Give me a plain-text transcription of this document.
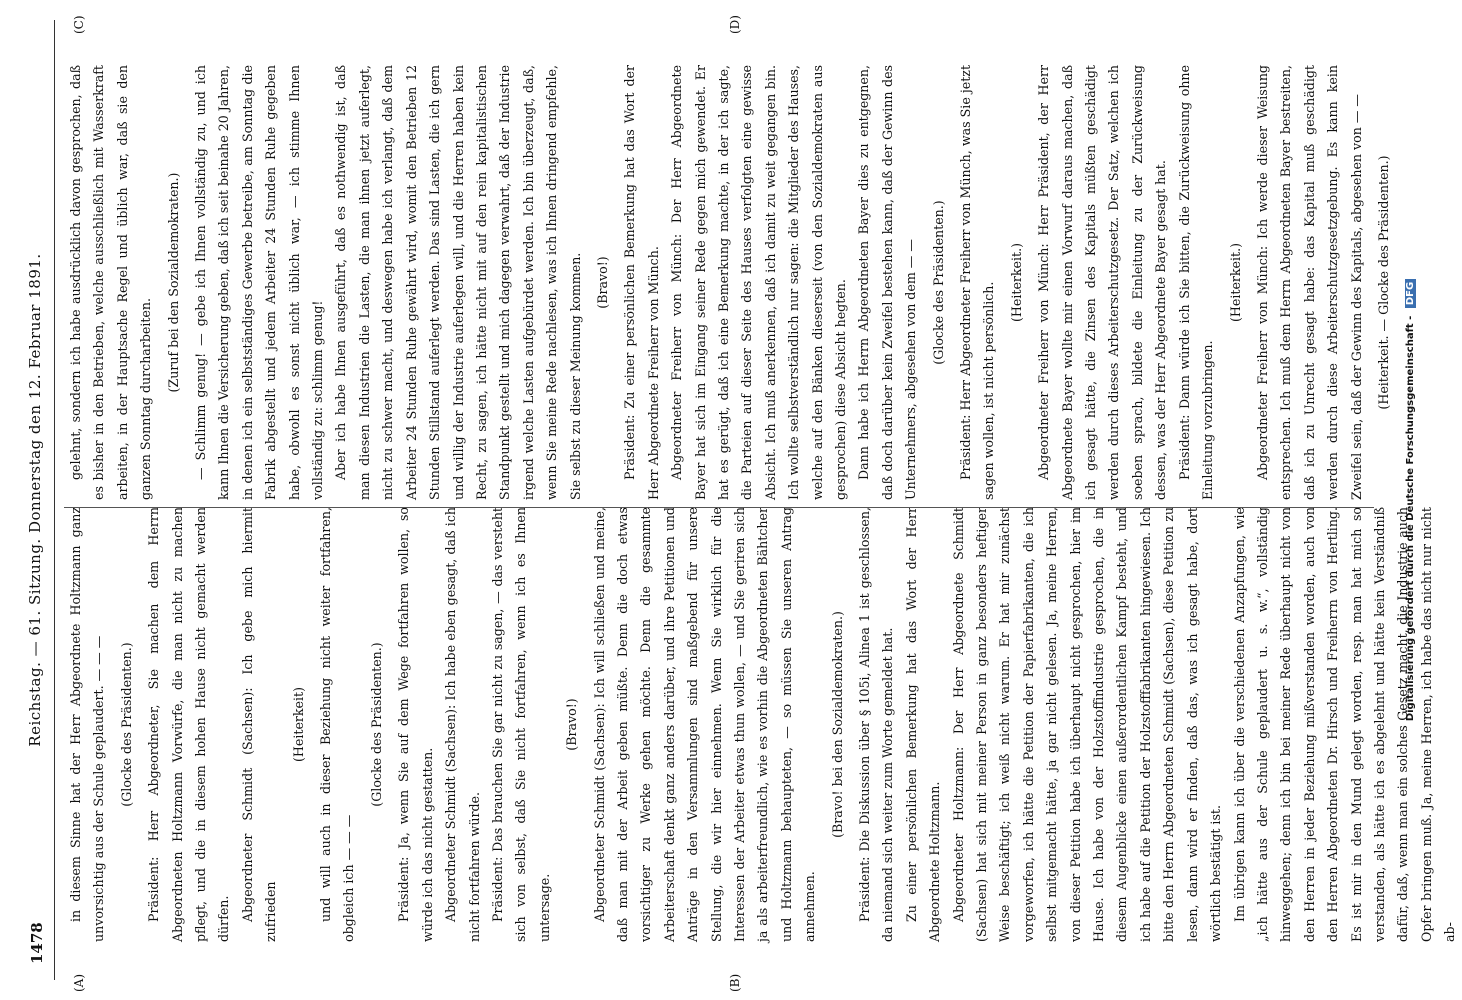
1478
Reichstag. — 61. Sitzung. Donnerstag den 12. Februar 1891.
(A)	(B)
(C)	(D)

in diesem Sinne hat der Herr Abgeordnete Holtzmann ganz unvorsichtig aus der Schule geplaudert. — — — (Glocke des Präsidenten.) Präsident: Herr Abgeordneter, Sie machen dem Herrn Abgeordneten Holtzmann Vorwürfe, die man nicht zu machen pflegt, und die in diesem hohen Hause nicht gemacht werden dürfen. Abgeordneter Schmidt (Sachsen): Ich gebe mich hiermit zufrieden

(Heiterkeit) und will auch in dieser Beziehung nicht weiter fortfahren, obgleich ich — — —

(Glocke des Präsidenten.) Präsident: Ja, wenn Sie auf dem Wege fortfahren wollen, so würde ich das nicht gestatten. Abgeordneter Schmidt (Sachsen): Ich habe eben gesagt, daß ich nicht fortfahren würde. Präsident: Das brauchen Sie gar nicht zu sagen, — das versteht sich von selbst, daß Sie nicht fortfahren, wenn ich es Ihnen untersage.

(Bravo!) Abgeordneter Schmidt (Sachsen): Ich will schließen und meine, daß man mit der Arbeit geben müßte. Denn die doch etwas vorsichtiger zu Werke gehen möchte. Denn die gesammte Arbeiterschaft denkt ganz anders darüber, und ihre Petitionen und Anträge in den Versammlungen sind maßgebend für unsere Stellung, die wir hier einnehmen. Wenn Sie wirklich für die Interessen der Arbeiter etwas thun wollen, — und Sie geriren sich ja als arbeiterfreundlich, wie es vorhin die Abgeordneten Bähtcher und Holtzmann behaupteten, — so müssen Sie unseren Antrag annehmen.

(Bravo! bei den Sozialdemokraten.) Präsident: Die Diskussion über § 105i, Alinea 1 ist geschlossen, da niemand sich weiter zum Worte gemeldet hat. Zu einer persönlichen Bemerkung hat das Wort der Herr Abgeordnete Holtzmann. Abgeordneter Holtzmann: Der Herr Abgeordnete Schmidt (Sachsen) hat sich mit meiner Person in ganz besonders heftiger Weise beschäftigt; ich weiß nicht warum. Er hat mir zunächst vorgeworfen, ich hätte die Petition der Papierfabrikanten, die ich selbst mitgemacht hätte, ja gar nicht gelesen. Ja, meine Herren, von dieser Petition habe ich überhaupt nicht gesprochen, hier im Hause. Ich habe von der Holzstoffindustrie gesprochen, die in diesem Augenblicke einen außerordentlichen Kampf besteht, und ich habe auf die Petition der Holzstofffabrikanten hingewiesen. Ich bitte den Herrn Abgeordneten Schmidt (Sachsen), diese Petition zu lesen, dann wird er finden, daß das, was ich gesagt habe, dort wörtlich bestätigt ist. Im übrigen kann ich über die verschiedenen Anzapfungen, wie „ich hätte aus der Schule geplaudert u. s. w.“, vollständig hinweggehen; denn ich bin bei meiner Rede überhaupt nicht von den Herren in jeder Beziehung mißverstanden worden, auch von den Herren Abgeordneten Dr. Hirsch und Freiherrn von Hertling. Es ist mir in den Mund gelegt worden, resp. man hat mich so verstanden, als hätte ich es abgelehnt und hätte kein Verständniß dafür, daß, wenn man ein solches Gesetz macht, die Industrie auch Opfer bringen muß. Ja, meine Herren, ich habe das nicht nur nicht ab-

gelehnt, sondern ich habe ausdrücklich davon gesprochen, daß es bisher in den Betrieben, welche ausschließlich mit Wasserkraft arbeiten, in der Hauptsache Regel und üblich war, daß sie den ganzen Sonntag durcharbeiten.

(Zuruf bei den Sozialdemokraten.) — Schlimm genug! — gebe ich Ihnen vollständig zu, und ich kann Ihnen die Versicherung geben, daß ich seit beinahe 20 Jahren, in denen ich ein selbstständiges Gewerbe betreibe, am Sonntag die Fabrik abgestellt und jedem Arbeiter 24 Stunden Ruhe gegeben habe, obwohl es sonst nicht üblich war, — ich stimme Ihnen vollständig zu: schlimm genug! Aber ich habe Ihnen ausgeführt, daß es nothwendig ist, daß man diesen Industrien die Lasten, die man ihnen jetzt auferlegt, nicht zu schwer macht, und deswegen habe ich verlangt, daß dem Arbeiter 24 Stunden Ruhe gewährt wird, womit den Betrieben 12 Stunden Stillstand auferlegt werden. Das sind Lasten, die ich gern und willig der Industrie auferlegen will, und die Herren haben kein Recht, zu sagen, ich hätte nicht mit auf den rein kapitalistischen Standpunkt gestellt und mich dagegen verwahrt, daß der Industrie irgend welche Lasten aufgebürdet werden. Ich bin überzeugt, daß, wenn Sie meine Rede nachlesen, was ich Ihnen dringend empfehle, Sie selbst zu dieser Meinung kommen. (Bravo!) Präsident: Zu einer persönlichen Bemerkung hat das Wort der Herr Abgeordnete Freiherr von Münch. Abgeordneter Freiherr von Münch: Der Herr Abgeordnete Bayer hat sich im Eingang seiner Rede gegen mich gewendet. Er hat es gerügt, daß ich eine Bemerkung machte, in der ich sagte, die Parteien auf dieser Seite des Hauses verfolgten eine gewisse Absicht. Ich muß anerkennen, daß ich damit zu weit gegangen bin. Ich wollte selbstverständlich nur sagen: die Mitglieder des Hauses, welche auf den Bänken dieserseit (von den Sozialdemokraten aus gesprochen) diese Absicht hegten. Dann habe ich Herrn Abgeordneten Bayer dies zu entgegnen, daß doch darüber kein Zweifel bestehen kann, daß der Gewinn des Unternehmers, abgesehen von dem — — (Glocke des Präsidenten.) Präsident: Herr Abgeordneter Freiherr von Münch, was Sie jetzt sagen wollen, ist nicht persönlich. (Heiterkeit.) Abgeordneter Freiherr von Münch: Herr Präsident, der Herr Abgeordnete Bayer wollte mir einen Vorwurf daraus machen, daß ich gesagt hätte, die Zinsen des Kapitals müßten geschädigt werden durch dieses Arbeiterschutzgesetz. Der Satz, welchen ich soeben sprach, bildete die Einleitung zu der Zurückweisung dessen, was der Herr Abgeordnete Bayer gesagt hat. Präsident: Dann würde ich Sie bitten, die Zurückweisung ohne Einleitung vorzubringen.

(Heiterkeit.) Abgeordneter Freiherr von Münch: Ich werde dieser Weisung entsprechen. Ich muß dem Herrn Abgeordneten Bayer bestreiten, daß ich zu Unrecht gesagt habe: das Kapital muß geschädigt werden durch diese Arbeiterschutzgesetzgebung. Es kann kein Zweifel sein, daß der Gewinn des Kapitals, abgesehen von — — (Heiterkeit. — Glocke des Präsidenten.)

Digitalisierung gefördert durch die Deutsche Forschungsgemeinschaft - DFG
